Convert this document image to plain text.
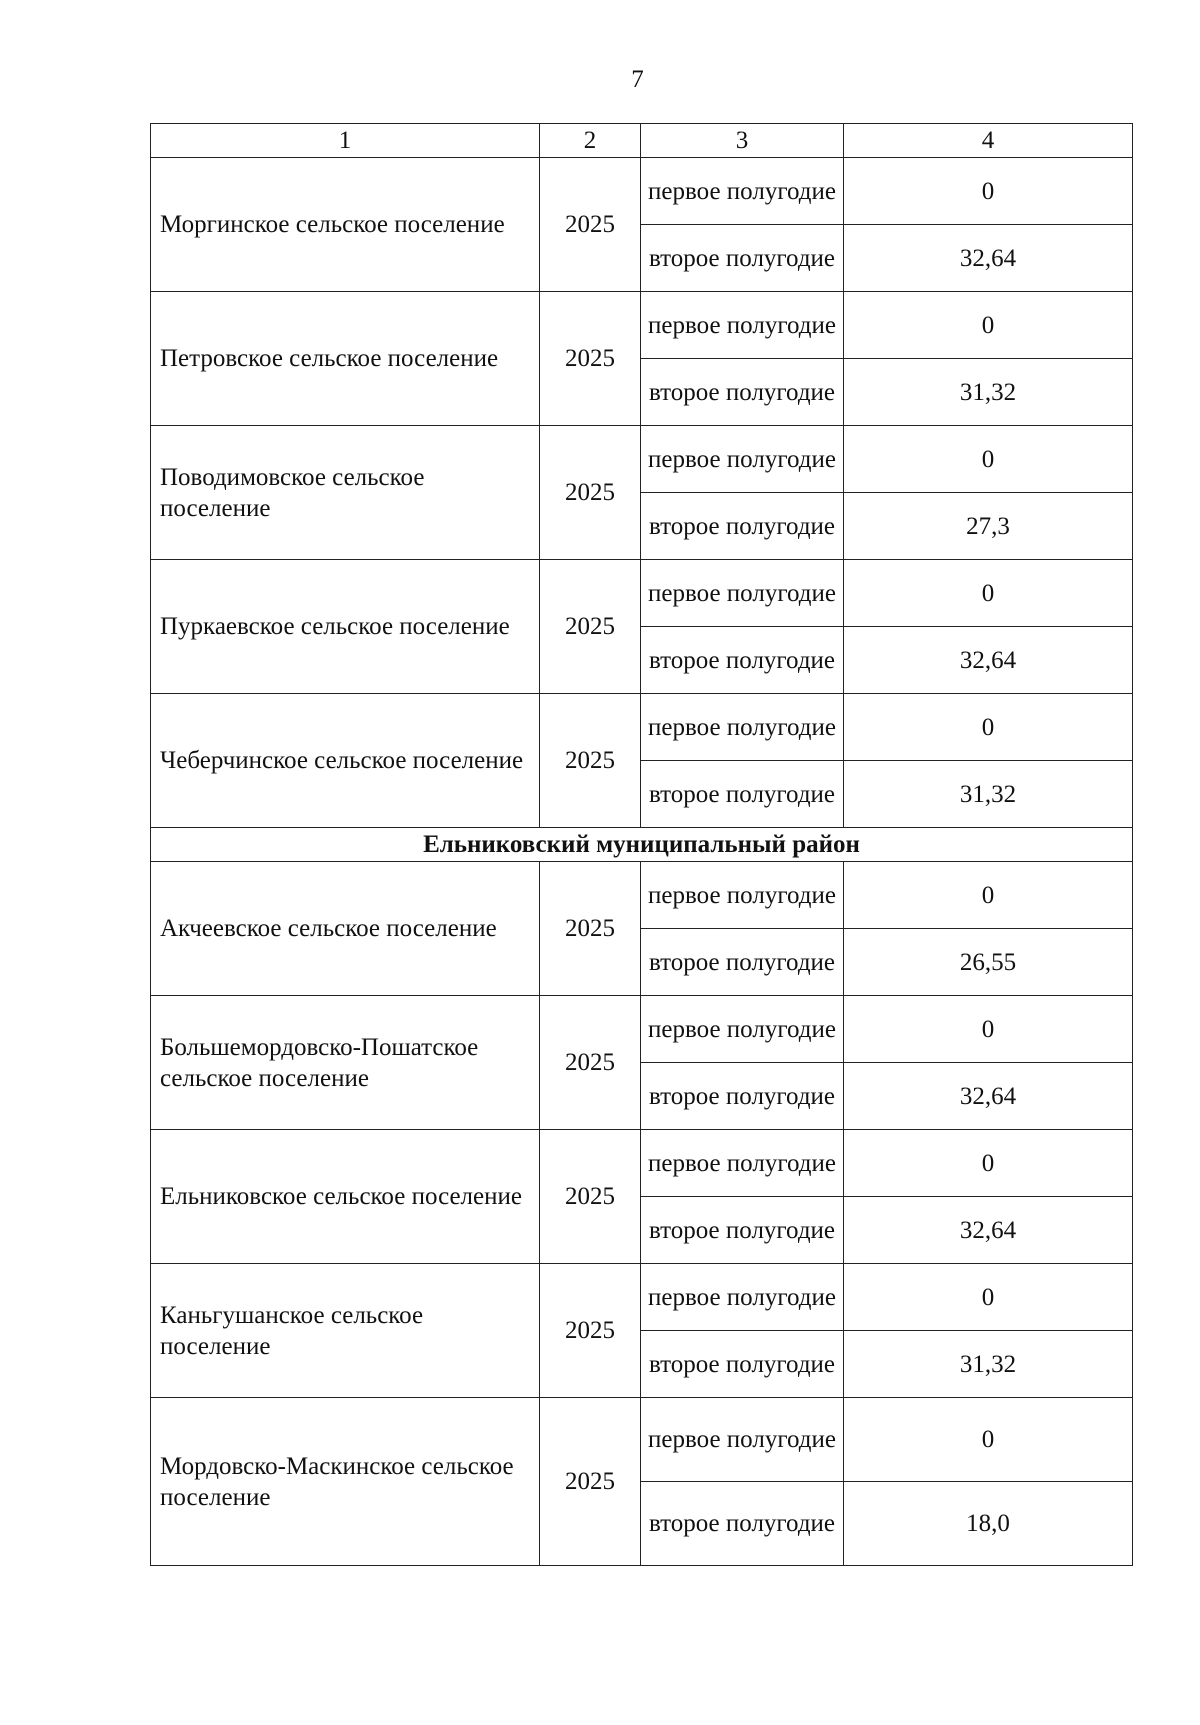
7
1	2	3	4
Моргинское сельское поселение	2025	первое полугодие	0
		второе полугодие	32,64
Петровское сельское поселение	2025	первое полугодие	0
		второе полугодие	31,32
Поводимовское сельское поселение	2025	первое полугодие	0
		второе полугодие	27,3
Пуркаевское сельское поселение	2025	первое полугодие	0
		второе полугодие	32,64
Чеберчинское сельское поселение	2025	первое полугодие	0
		второе полугодие	31,32
Ельниковский муниципальный район			
Акчеевское сельское поселение	2025	первое полугодие	0
		второе полугодие	26,55
Большемордовско-Пошатское сельское поселение	2025	первое полугодие	0
		второе полугодие	32,64
Ельниковское сельское поселение	2025	первое полугодие	0
		второе полугодие	32,64
Каньгушанское сельское поселение	2025	первое полугодие	0
		второе полугодие	31,32
Мордовско-Маскинское сельское поселение	2025	первое полугодие	0
		второе полугодие	18,0
